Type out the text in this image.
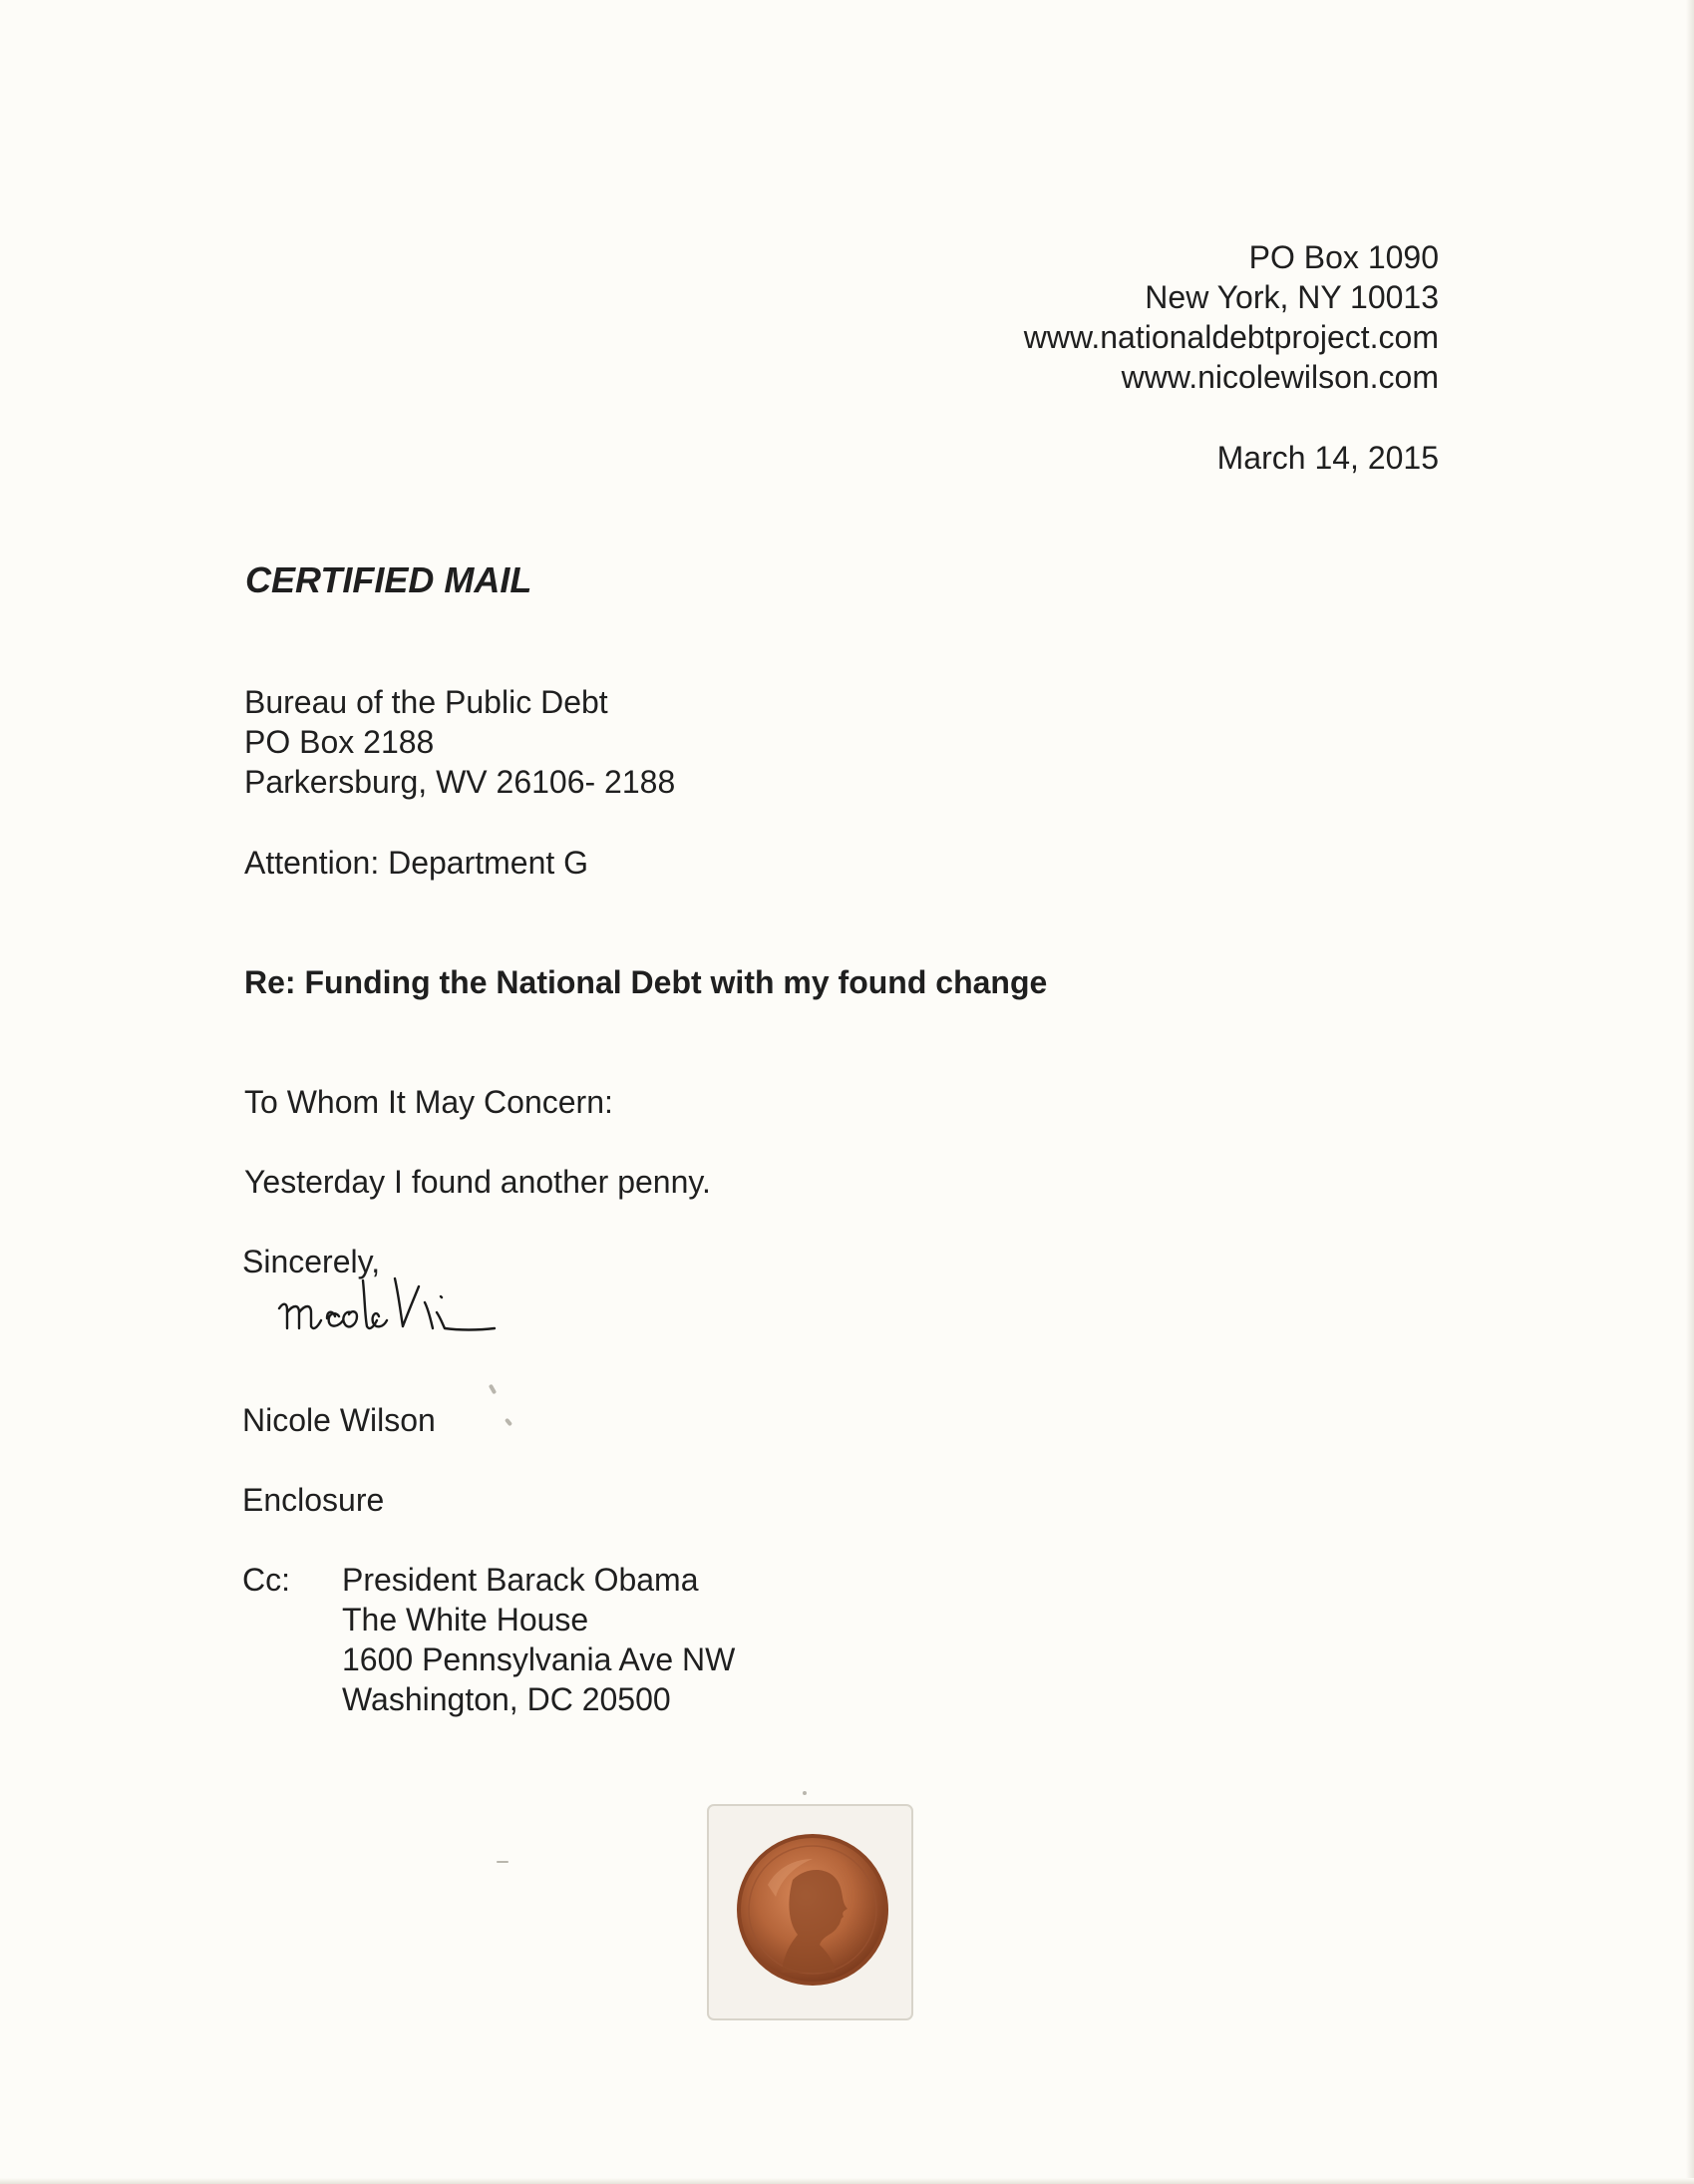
PO Box 1090
New York, NY 10013
www.nationaldebtproject.com
www.nicolewilson.com
March 14, 2015
CERTIFIED MAIL
Bureau of the Public Debt
PO Box 2188
Parkersburg, WV 26106- 2188
Attention: Department G
Re: Funding the National Debt with my found change
To Whom It May Concern:
Yesterday I found another penny.
Sincerely,
Nicole Wilson
Enclosure
Cc: President Barack Obama
The White House
1600 Pennsylvania Ave NW
Washington, DC 20500
